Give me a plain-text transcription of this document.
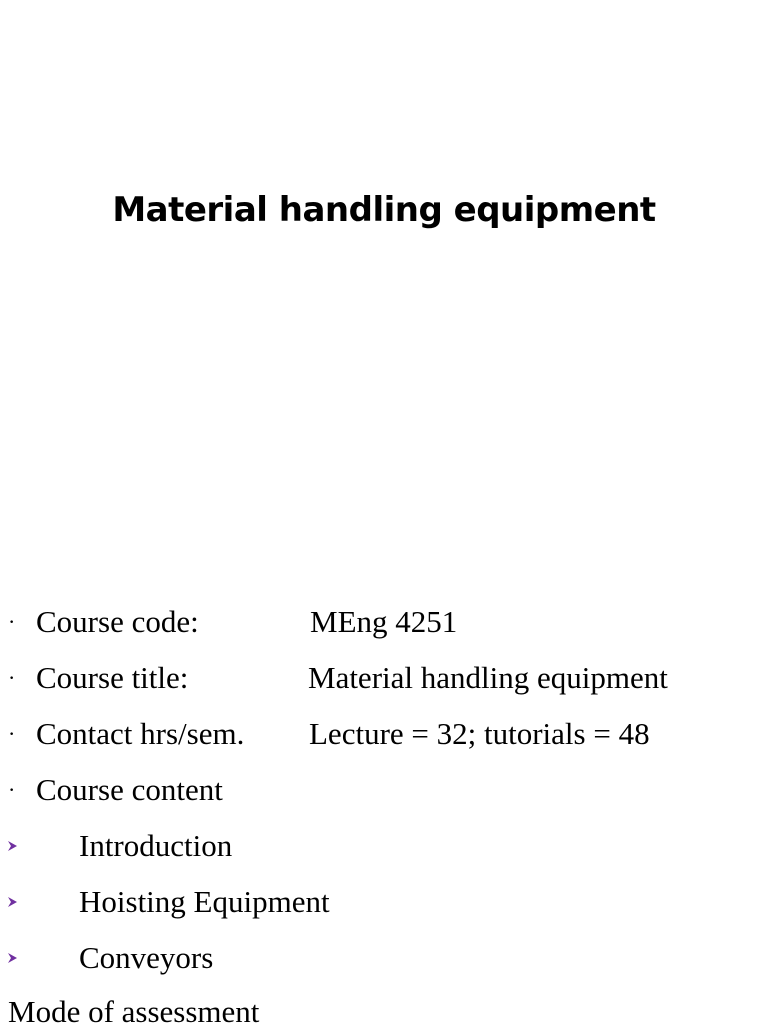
Material handling equipment
· Course code:	MEng 4251
· Course title:	Material handling equipment
· Contact hrs/sem. Lecture = 32; tutorials = 48
· Course content
Introduction
Hoisting Equipment
Conveyors
Mode of assessment
